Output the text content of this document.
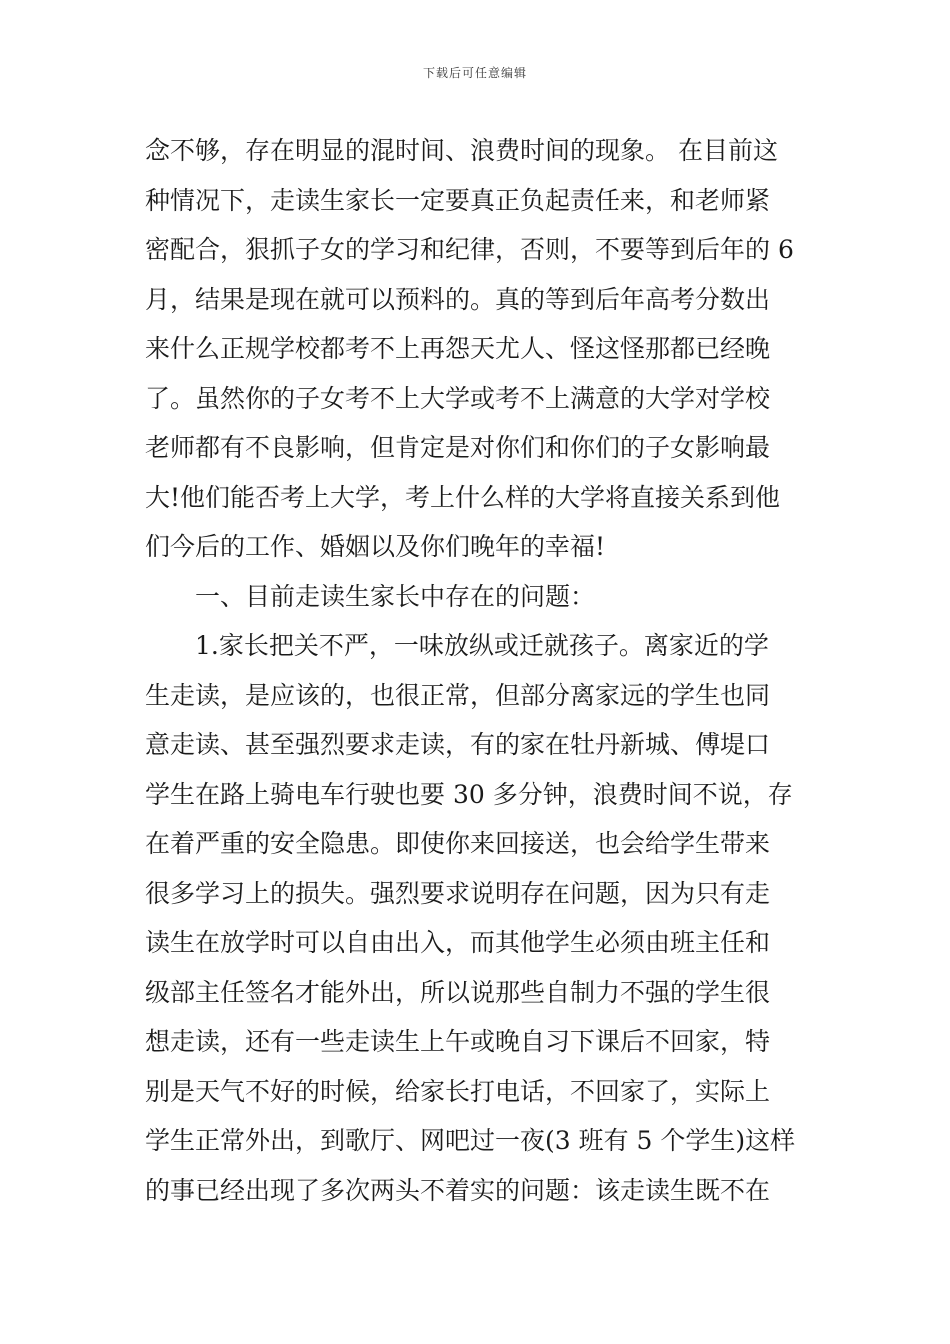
下载后可任意编辑
念不够，存在明显的混时间、浪费时间的现象。 在目前这
种情况下，走读生家长一定要真正负起责任来，和老师紧
密配合，狠抓子女的学习和纪律，否则，不要等到后年的 6
月，结果是现在就可以预料的。真的等到后年高考分数出
来什么正规学校都考不上再怨天尤人、怪这怪那都已经晚
了。虽然你的子女考不上大学或考不上满意的大学对学校
老师都有不良影响，但肯定是对你们和你们的子女影响最
大!他们能否考上大学，考上什么样的大学将直接关系到他
们今后的工作、婚姻以及你们晚年的幸福!
一、目前走读生家长中存在的问题：
1.家长把关不严，一味放纵或迁就孩子。离家近的学
生走读，是应该的，也很正常，但部分离家远的学生也同
意走读、甚至强烈要求走读，有的家在牡丹新城、傅堤口
学生在路上骑电车行驶也要 30 多分钟，浪费时间不说，存
在着严重的安全隐患。即使你来回接送，也会给学生带来
很多学习上的损失。强烈要求说明存在问题，因为只有走
读生在放学时可以自由出入，而其他学生必须由班主任和
级部主任签名才能外出，所以说那些自制力不强的学生很
想走读，还有一些走读生上午或晚自习下课后不回家，特
别是天气不好的时候，给家长打电话，不回家了，实际上
学生正常外出，到歌厅、网吧过一夜(3 班有 5 个学生)这样
的事已经出现了多次两头不着实的问题：该走读生既不在
